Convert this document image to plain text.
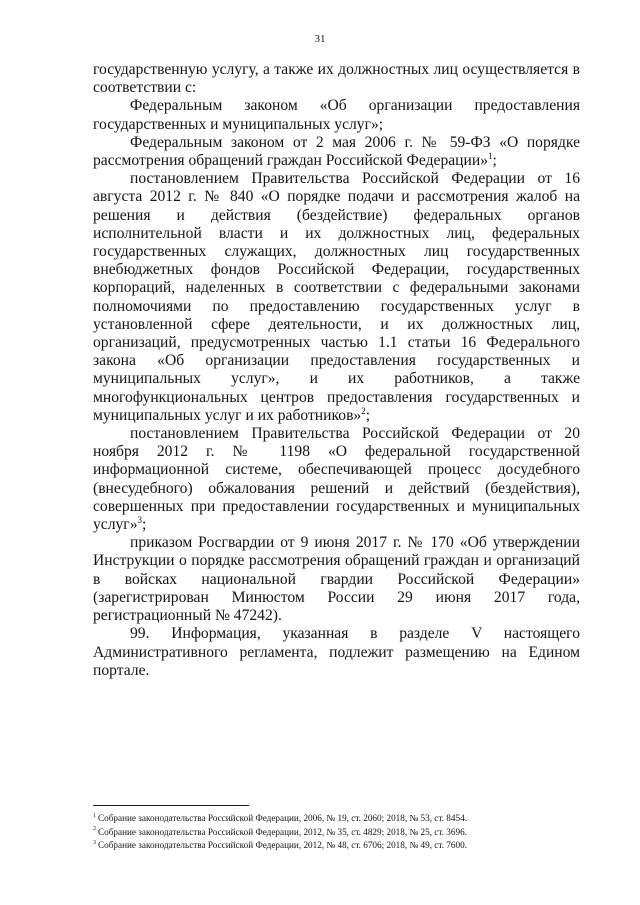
31

государственную услугу, а также их должностных лиц осуществляется в соответствии с:

Федеральным законом «Об организации предоставления государственных и муниципальных услуг»;

Федеральным законом от 2 мая 2006 г. № 59-ФЗ «О порядке рассмотрения обращений граждан Российской Федерации»$^1$;

постановлением Правительства Российской Федерации от 16 августа 2012 г. № 840 «О порядке подачи и рассмотрения жалоб на решения и действия (бездействие) федеральных органов исполнительной власти и их должностных лиц, федеральных государственных служащих, должностных лиц государственных внебюджетных фондов Российской Федерации, государственных корпораций, наделенных в соответствии с федеральными законами полномочиями по предоставлению государственных услуг в установленной сфере деятельности, и их должностных лиц, организаций, предусмотренных частью 1.1 статьи 16 Федерального закона «Об организации предоставления государственных и муниципальных услуг», и их работников, а также многофункциональных центров предоставления государственных и муниципальных услуг и их работников»$^2$;

постановлением Правительства Российской Федерации от 20 ноября 2012 г. № 1198 «О федеральной государственной информационной системе, обеспечивающей процесс досудебного (внесудебного) обжалования решений и действий (бездействия), совершенных при предоставлении государственных и муниципальных услуг»$^3$;

приказом Росгвардии от 9 июня 2017 г. № 170 «Об утверждении Инструкции о порядке рассмотрения обращений граждан и организаций в войсках национальной гвардии Российской Федерации» (зарегистрирован Минюстом России 29 июня 2017 года, регистрационный № 47242).

99. Информация, указанная в разделе V настоящего Административного регламента, подлежит размещению на Едином портале.

$^1$ Собрание законодательства Российской Федерации, 2006, № 19, ст. 2060; 2018, № 53, ст. 8454.

$^2$ Собрание законодательства Российской Федерации, 2012, № 35, ст. 4829; 2018, № 25, ст. 3696.

$^3$ Собрание законодательства Российской Федерации, 2012, № 48, ст. 6706; 2018, № 49, ст. 7600.
